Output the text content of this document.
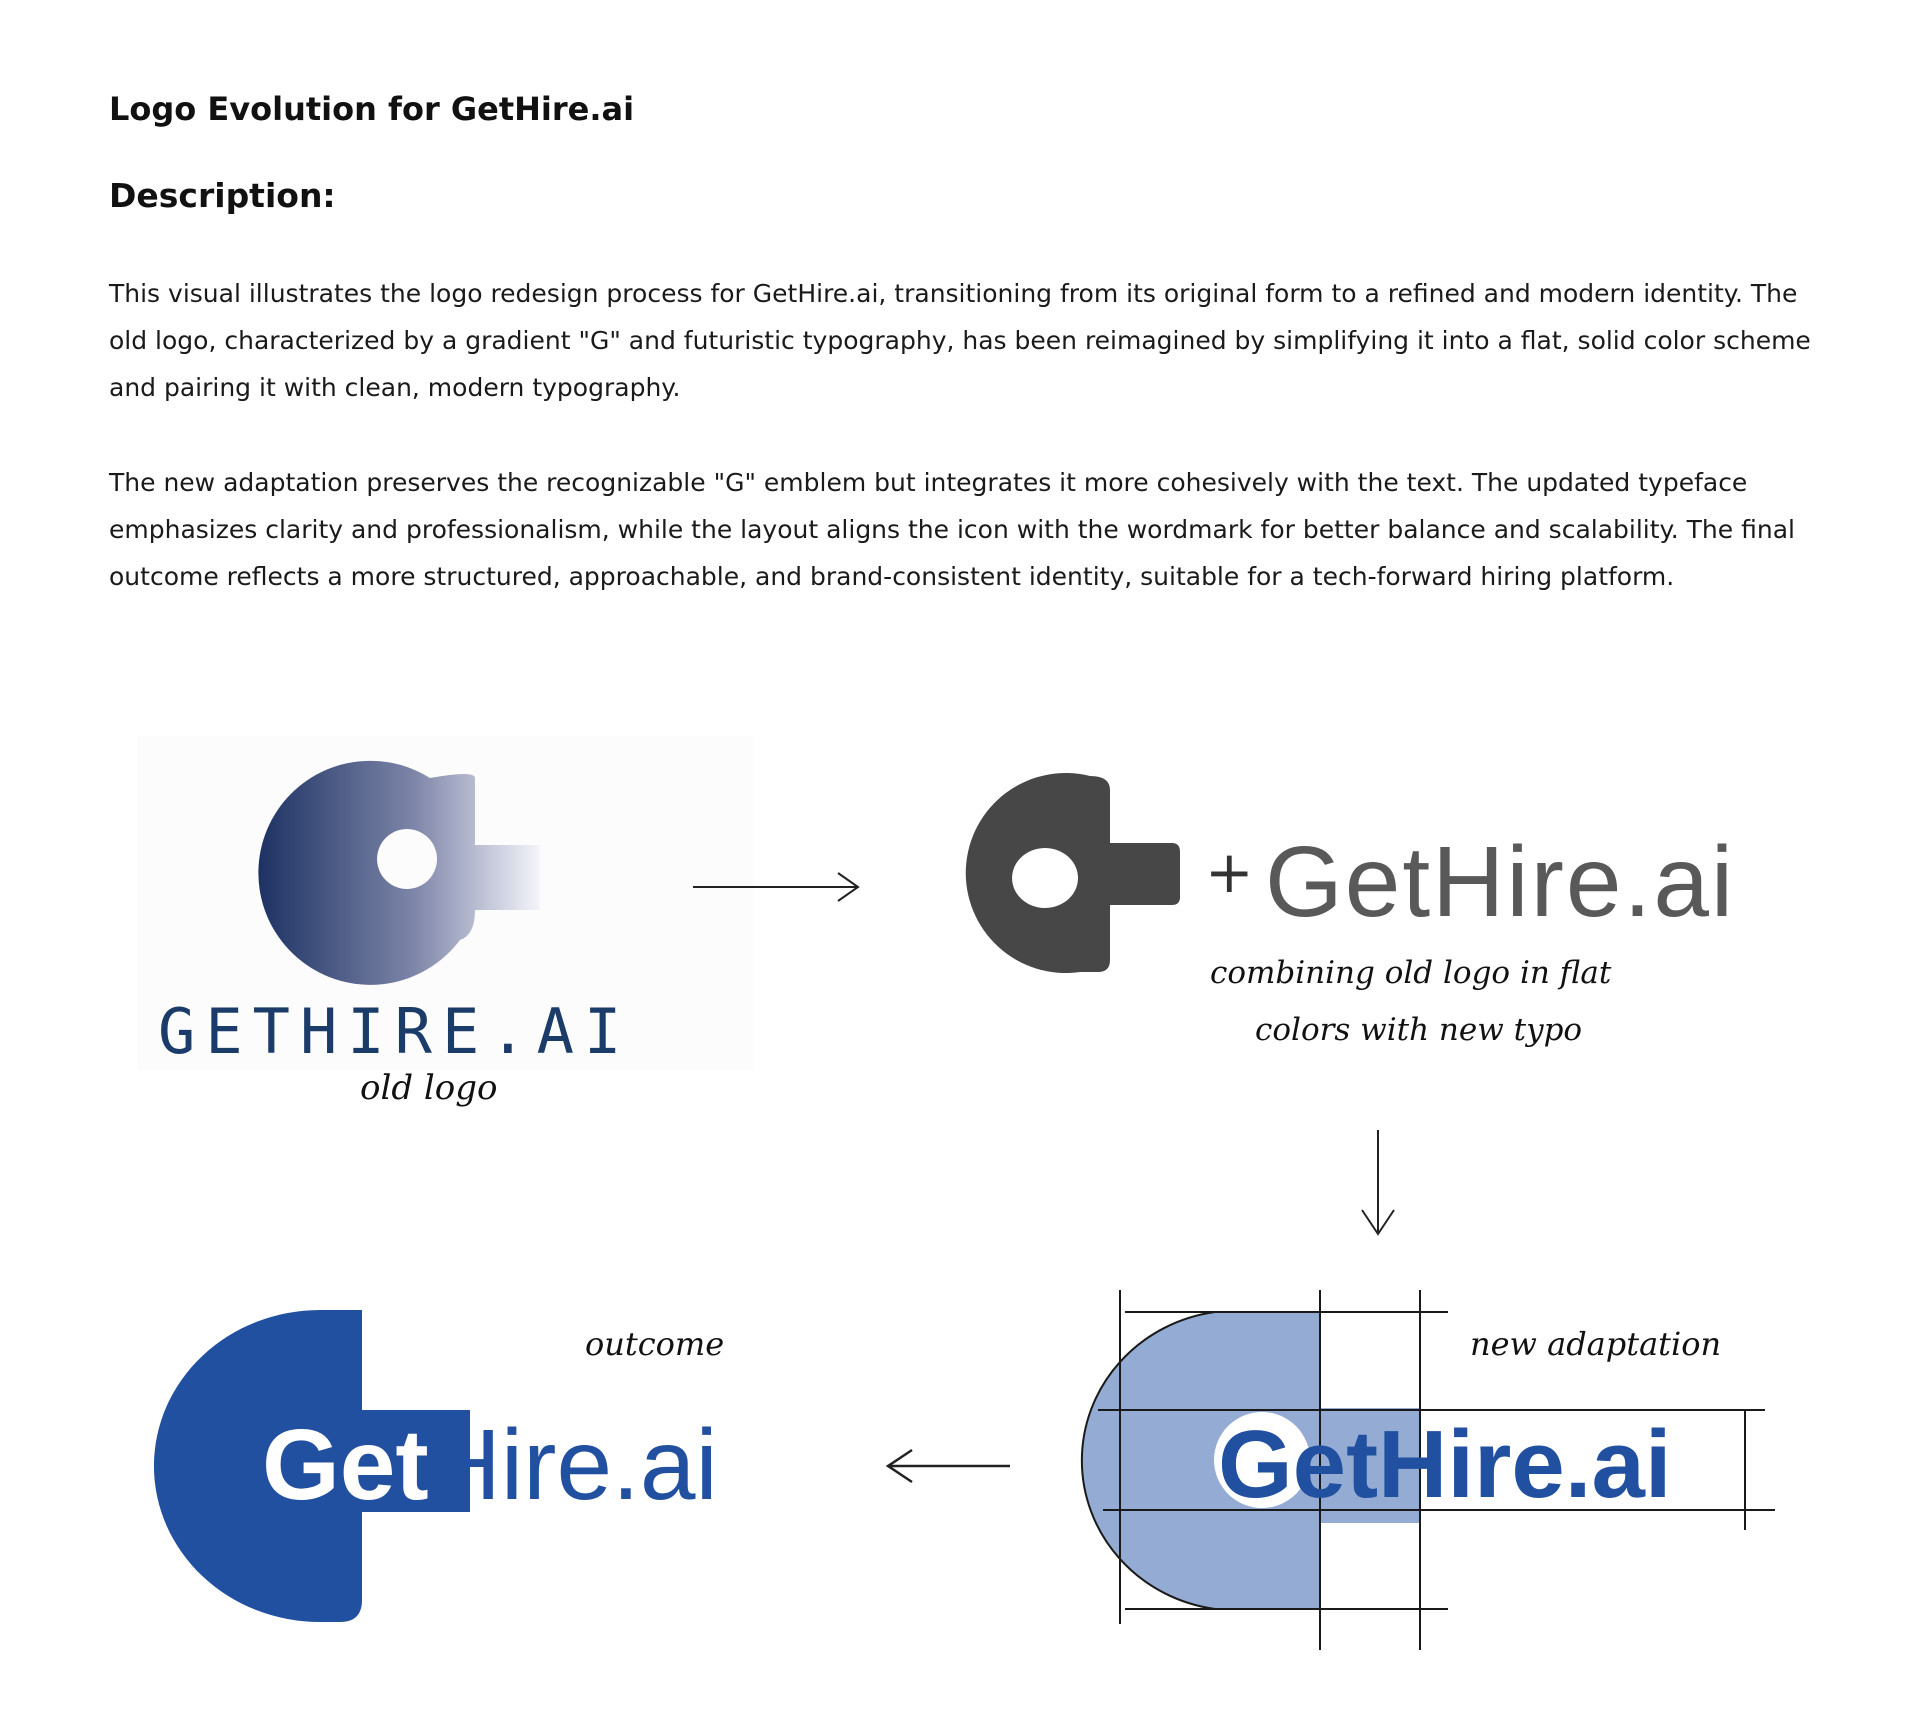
Logo Evolution for GetHire.ai
Description:

This visual illustrates the logo redesign process for GetHire.ai, transitioning from its original form to a refined and modern identity. The old logo, characterized by a gradient "G" and futuristic typography, has been reimagined by simplifying it into a flat, solid color scheme and pairing it with clean, modern typography.

The new adaptation preserves the recognizable "G" emblem but integrates it more cohesively with the text. The updated typeface emphasizes clarity and professionalism, while the layout aligns the icon with the wordmark for better balance and scalability. The final outcome reflects a more structured, approachable, and brand-consistent identity, suitable for a tech-forward hiring platform.

GETHIRE.AI
old logo
+ GetHire.ai
combining old logo in flat
colors with new typo
GetHire.ai
new adaptation
GetHire.ai
outcome
